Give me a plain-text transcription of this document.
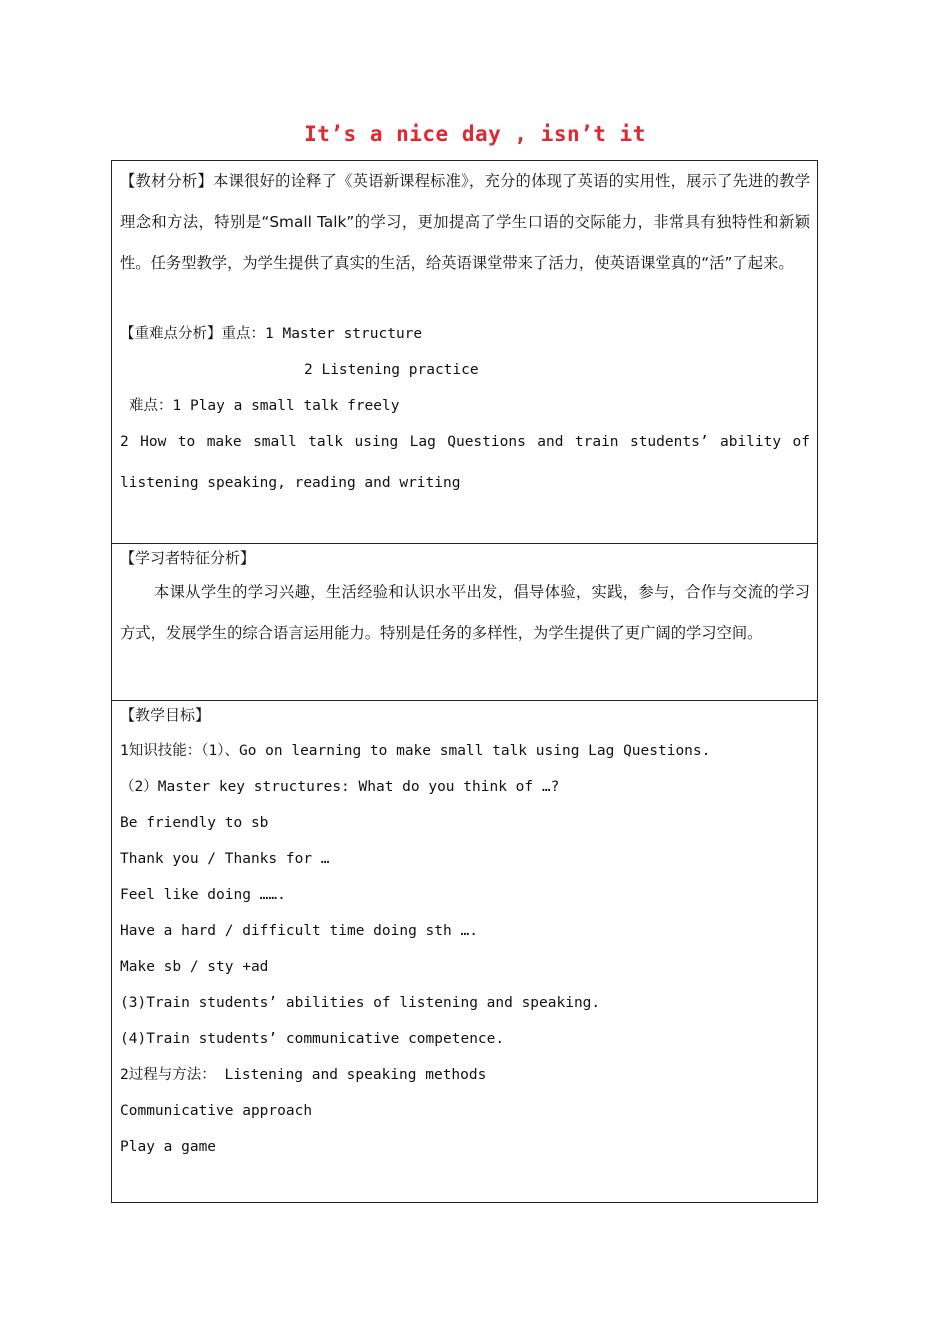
It’s a nice day , isn’t it
【教材分析】本课很好的诠释了《英语新课程标准》，充分的体现了英语的实用性，展示了先进的教学理念和方法，特别是“Small Talk”的学习，更加提高了学生口语的交际能力，非常具有独特性和新颖性。任务型教学，为学生提供了真实的生活，给英语课堂带来了活力，使英语课堂真的“活”了起来。
【重难点分析】重点：1 Master structure
2 Listening practice
难点：1 Play a small talk freely
2 How to make small talk using Lag Questions and train students’ ability of
listening speaking, reading and writing
【学习者特征分析】
本课从学生的学习兴趣，生活经验和认识水平出发，倡导体验，实践，参与，合作与交流的学习方式，发展学生的综合语言运用能力。特别是任务的多样性，为学生提供了更广阔的学习空间。
【教学目标】
1知识技能：（1）、Go on learning to make small talk using Lag Questions.
（2）Master key structures: What do you think of …?
Be friendly to sb
Thank you / Thanks for …
Feel like doing …….
Have a hard / difficult time doing sth ….
Make sb / sty +ad
(3)Train students’ abilities of listening and speaking.
(4)Train students’ communicative competence.
2过程与方法： Listening and speaking methods
Communicative approach
Play a game
